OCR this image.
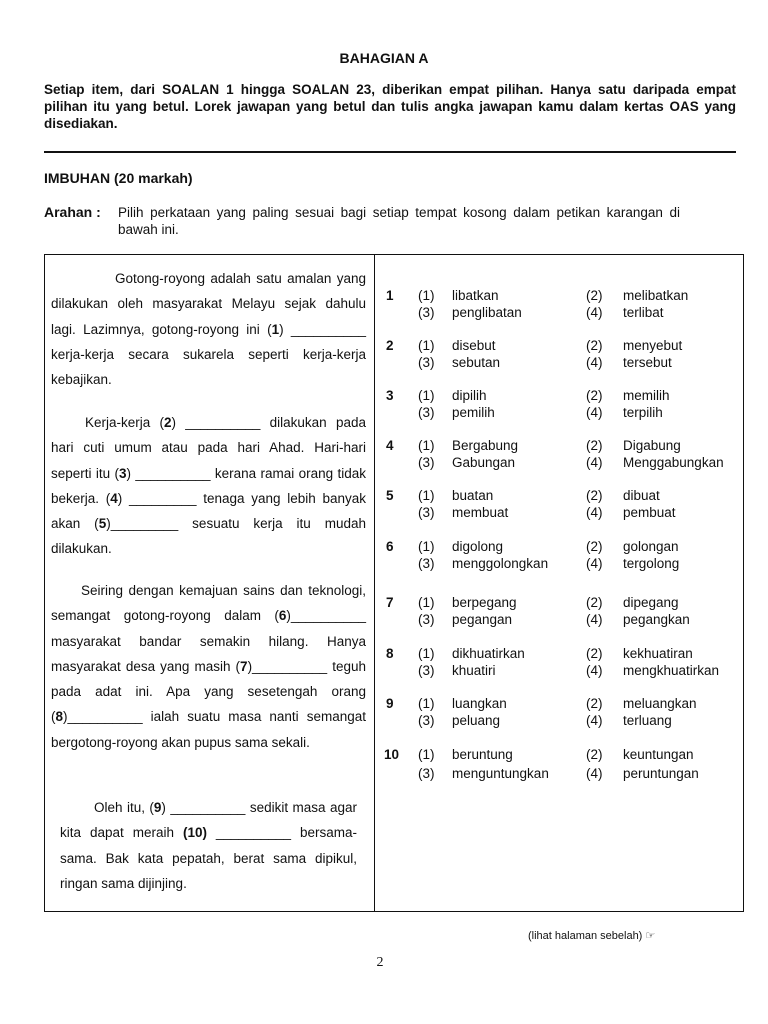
BAHAGIAN A
Setiap item, dari SOALAN 1 hingga SOALAN 23, diberikan empat pilihan. Hanya satu daripada empat pilihan itu yang betul. Lorek jawapan yang betul dan tulis angka jawapan kamu dalam kertas OAS yang disediakan.
IMBUHAN (20 markah)
Arahan : Pilih perkataan yang paling sesuai bagi setiap tempat kosong dalam petikan karangan di bawah ini.
Gotong-royong adalah satu amalan yang dilakukan oleh masyarakat Melayu sejak dahulu lagi. Lazimnya, gotong-royong ini (1) __________ kerja-kerja secara sukarela seperti kerja-kerja kebajikan.
Kerja-kerja (2) __________ dilakukan pada hari cuti umum atau pada hari Ahad. Hari-hari seperti itu (3) __________ kerana ramai orang tidak bekerja. (4) _________ tenaga yang lebih banyak akan (5)_________ sesuatu kerja itu mudah dilakukan.
Seiring dengan kemajuan sains dan teknologi, semangat gotong-royong dalam (6)__________ masyarakat bandar semakin hilang. Hanya masyarakat desa yang masih (7)__________ teguh pada adat ini. Apa yang sesetengah orang (8)__________ ialah suatu masa nanti semangat bergotong-royong akan pupus sama sekali.
Oleh itu, (9) __________ sedikit masa agar kita dapat meraih (10) __________ bersama-sama. Bak kata pepatah, berat sama dipikul, ringan sama dijinjing.
1	(1) libatkan	(2) melibatkan
(3) penglibatan	(4) terlibat
2	(1) disebut	(2) menyebut
(3) sebutan	(4) tersebut
3	(1) dipilih	(2) memilih
(3) pemilih	(4) terpilih
4	(1) Bergabung	(2) Digabung
(3) Gabungan	(4) Menggabungkan
5	(1) buatan	(2) dibuat
(3) membuat	(4) pembuat
6	(1) digolong	(2) golongan
(3) menggolongkan	(4) tergolong
7	(1) berpegang	(2) dipegang
(3) pegangan	(4) pegangkan
8	(1) dikhuatirkan	(2) kekhuatiran
(3) khuatiri	(4) mengkhuatirkan
9	(1) luangkan	(2) meluangkan
(3) peluang	(4) terluang
10	(1) beruntung	(2) keuntungan
(3) menguntungkan	(4) peruntungan
(lihat halaman sebelah) ☞
2
